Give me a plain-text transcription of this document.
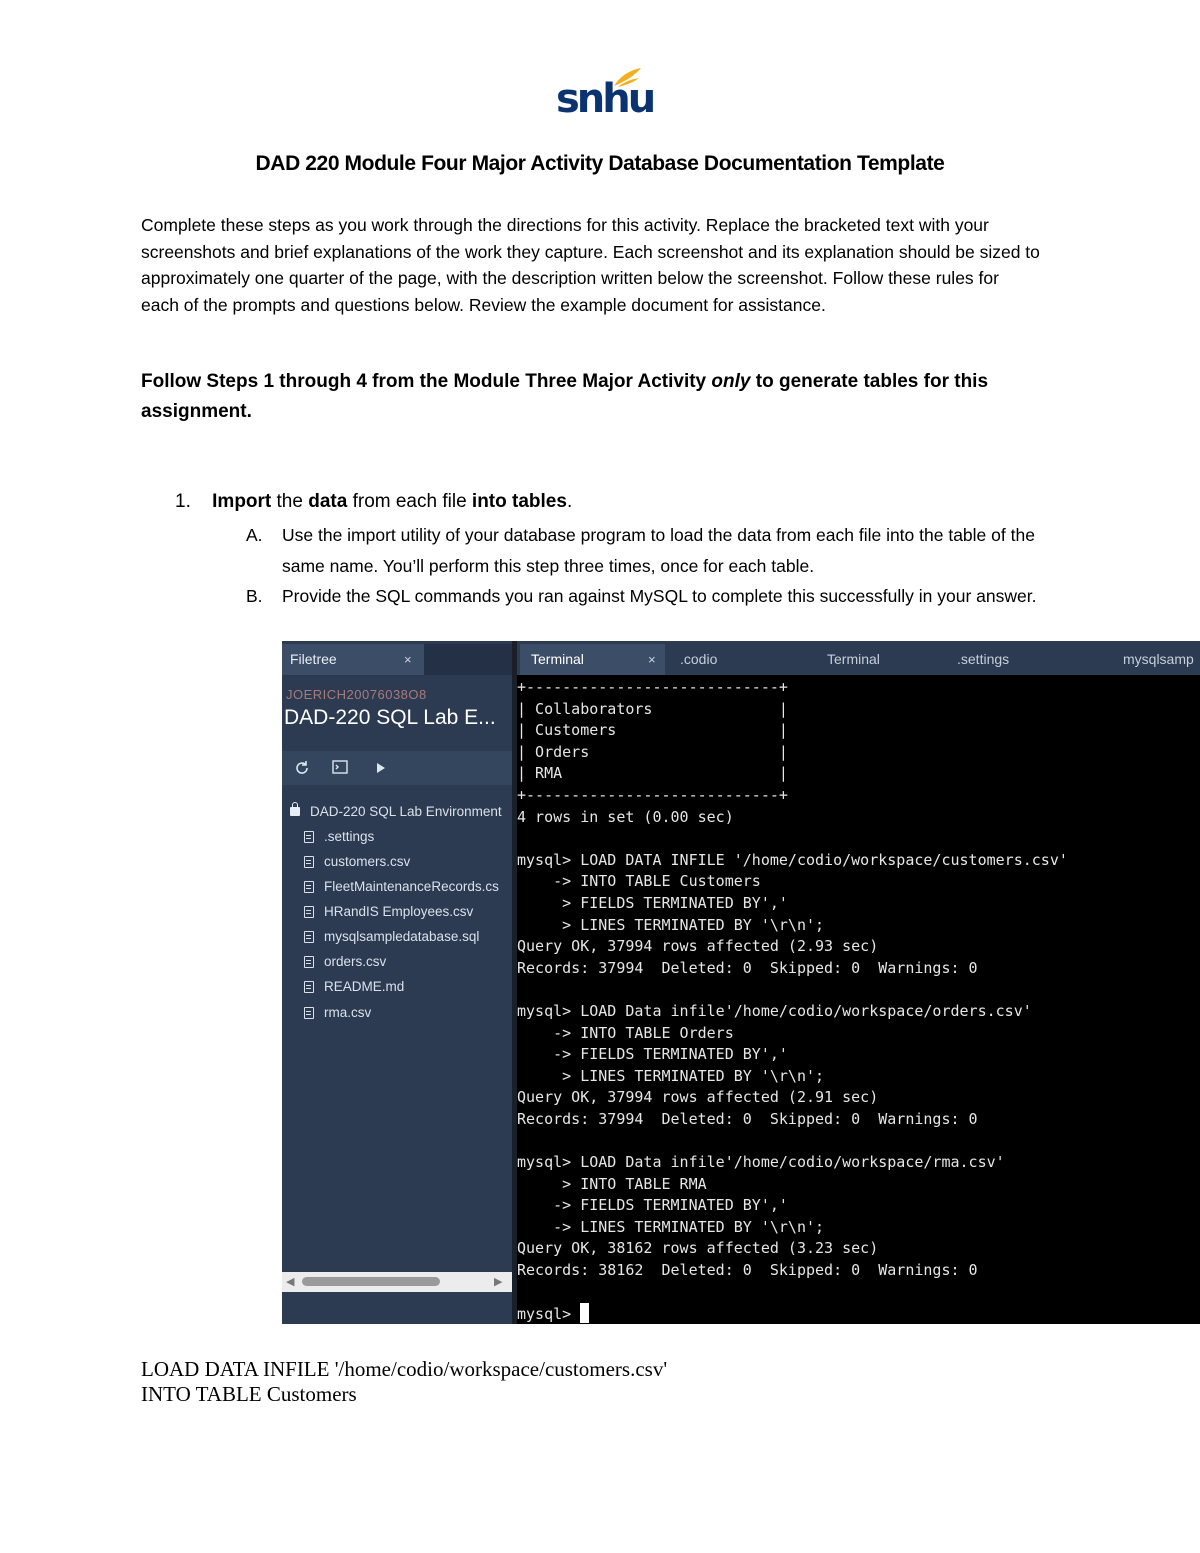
snhu
DAD 220 Module Four Major Activity Database Documentation Template
Complete these steps as you work through the directions for this activity. Replace the bracketed text with your screenshots and brief explanations of the work they capture. Each screenshot and its explanation should be sized to approximately one quarter of the page, with the description written below the screenshot. Follow these rules for each of the prompts and questions below. Review the example document for assistance.
Follow Steps 1 through 4 from the Module Three Major Activity only to generate tables for this assignment.
1. Import the data from each file into tables.
A. Use the import utility of your database program to load the data from each file into the table of the same name. You’ll perform this step three times, once for each table.
B. Provide the SQL commands you ran against MySQL to complete this successfully in your answer.
Filetree	×
JOERICH20076038O8
DAD-220 SQL Lab E...
DAD-220 SQL Lab Environment
.settings
customers.csv
FleetMaintenanceRecords.cs
HRandIS Employees.csv
mysqlsampledatabase.sql
orders.csv
README.md
rma.csv
◀	▶
Terminal	× .codio	Terminal	.settings	mysqlsamp
+----------------------------+
| Collaborators              |
| Customers                  |
| Orders                     |
| RMA                        |
+----------------------------+
4 rows in set (0.00 sec)

mysql> LOAD DATA INFILE '/home/codio/workspace/customers.csv'
-> INTO TABLE Customers
> FIELDS TERMINATED BY','
> LINES TERMINATED BY '\r\n';
Query OK, 37994 rows affected (2.93 sec)
Records: 37994  Deleted: 0  Skipped: 0  Warnings: 0

mysql> LOAD Data infile'/home/codio/workspace/orders.csv'
-> INTO TABLE Orders
-> FIELDS TERMINATED BY','
> LINES TERMINATED BY '\r\n';
Query OK, 37994 rows affected (2.91 sec)
Records: 37994  Deleted: 0  Skipped: 0  Warnings: 0

mysql> LOAD Data infile'/home/codio/workspace/rma.csv'
> INTO TABLE RMA
-> FIELDS TERMINATED BY','
-> LINES TERMINATED BY '\r\n';
Query OK, 38162 rows affected (3.23 sec)
Records: 38162  Deleted: 0  Skipped: 0  Warnings: 0

mysql>
LOAD DATA INFILE '/home/codio/workspace/customers.csv'
INTO TABLE Customers
